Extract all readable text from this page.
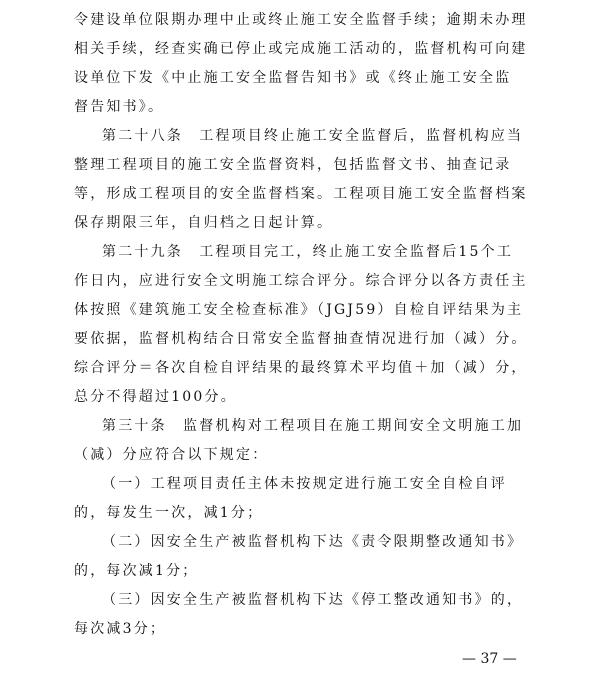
令建设单位限期办理中止或终止施工安全监督手续；逾期未办理
相关手续，经查实确已停止或完成施工活动的，监督机构可向建
设单位下发《中止施工安全监督告知书》或《终止施工安全监
督告知书》。
第二十八条　工程项目终止施工安全监督后，监督机构应当
整理工程项目的施工安全监督资料，包括监督文书、抽查记录
等，形成工程项目的安全监督档案。工程项目施工安全监督档案
保存期限三年，自归档之日起计算。
第二十九条　工程项目完工，终止施工安全监督后15个工
作日内，应进行安全文明施工综合评分。综合评分以各方责任主
体按照《建筑施工安全检查标准》（JGJ59）自检自评结果为主
要依据，监督机构结合日常安全监督抽查情况进行加（减）分。
综合评分＝各次自检自评结果的最终算术平均值＋加（减）分，
总分不得超过100分。
第三十条　监督机构对工程项目在施工期间安全文明施工加
（减）分应符合以下规定：
（一）工程项目责任主体未按规定进行施工安全自检自评
的，每发生一次，减1分；
（二）因安全生产被监督机构下达《责令限期整改通知书》
的，每次减1分；
（三）因安全生产被监督机构下达《停工整改通知书》的，
每次减3分；
— 37 —
